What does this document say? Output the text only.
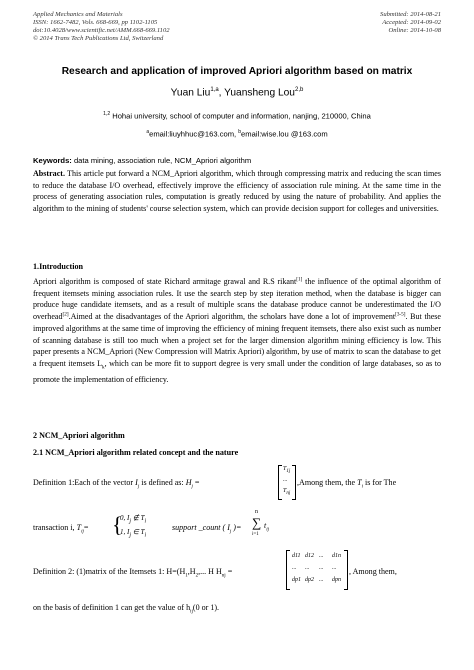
Applied Mechanics and Materials
ISSN: 1662-7482, Vols. 668-669, pp 1102-1105
doi:10.4028/www.scientific.net/AMM.668-669.1102
© 2014 Trans Tech Publications Ltd, Switzerland
Submitted: 2014-08-21
Accepted: 2014-09-02
Online: 2014-10-08
Research and application of improved Apriori algorithm based on matrix
Yuan Liu$^{1,a}$, Yuansheng Lou$^{2,b}$
$^{1,2}$ Hohai university, school of computer and information, nanjing, 210000, China
$^a$email:liuyhhuc@163.com, $^b$email:wise.lou @163.com
Keywords: data mining, association rule, NCM_Apriori algorithm
Abstract. This article put forward a NCM_Apriori algorithm, which through compressing matrix and reducing the scan times to reduce the database I/O overhead, effectively improve the efficiency of association rule mining. At the same time in the process of generating association rules, computation is greatly reduced by using the nature of probability. And applies the algorithm to the mining of students' course selection system, which can provide decision support for colleges and universities.
1.Introduction
Apriori algorithm is composed of state Richard armitage grawal and R.S rikant[1] the influence of the optimal algorithm of frequent itemsets mining association rules. It use the search step by step iteration method, when the database is bigger can produce huge candidate itemsets, and as a result of multiple scans the database produce cannot be underestimated the I/O overhead[2].Aimed at the disadvantages of the Apriori algorithm, the scholars have done a lot of improvement[3-5]. But these improved algorithms at the same time of improving the efficiency of mining frequent itemsets, there also exist such as number of scanning database is still too much when a project set for the larger dimension algorithm mining efficiency is low. This paper presents a NCM_Apriori (New Compression will Matrix Apriori) algorithm, by use of matrix to scan the database to get a frequent itemsets $L_k$, which can be more fit to support degree is very small under the condition of large databases, so as to promote the implementation of efficiency.
2 NCM_Apriori algorithm
2.1 NCM_Apriori algorithm related concept and the nature
Definition 1:Each of the vector $I_j$ is defined as: $H_j$ =
$T_{1j}$
...
$T_{nj}$
,Among them, the $T_i$ is for The
transaction i, $T_{ij}=$ {
0, $I_j$ ∉ $T_i$
1, $I_j$ ∈ $T_i$
support _count ( $I_j$ )=
n
∑
i=1
$t_{ij}$
Definition 2: (1)matrix of the Itemsets 1: $H=(H_1,H_2$,... H $H_{nj}$ =
d11 d12 ... d1n
... ... ... ...
dp1 dp2 ... dpn
, Among them,
on the basis of definition 1 can get the value of $h_{ij}(0$ or 1).
